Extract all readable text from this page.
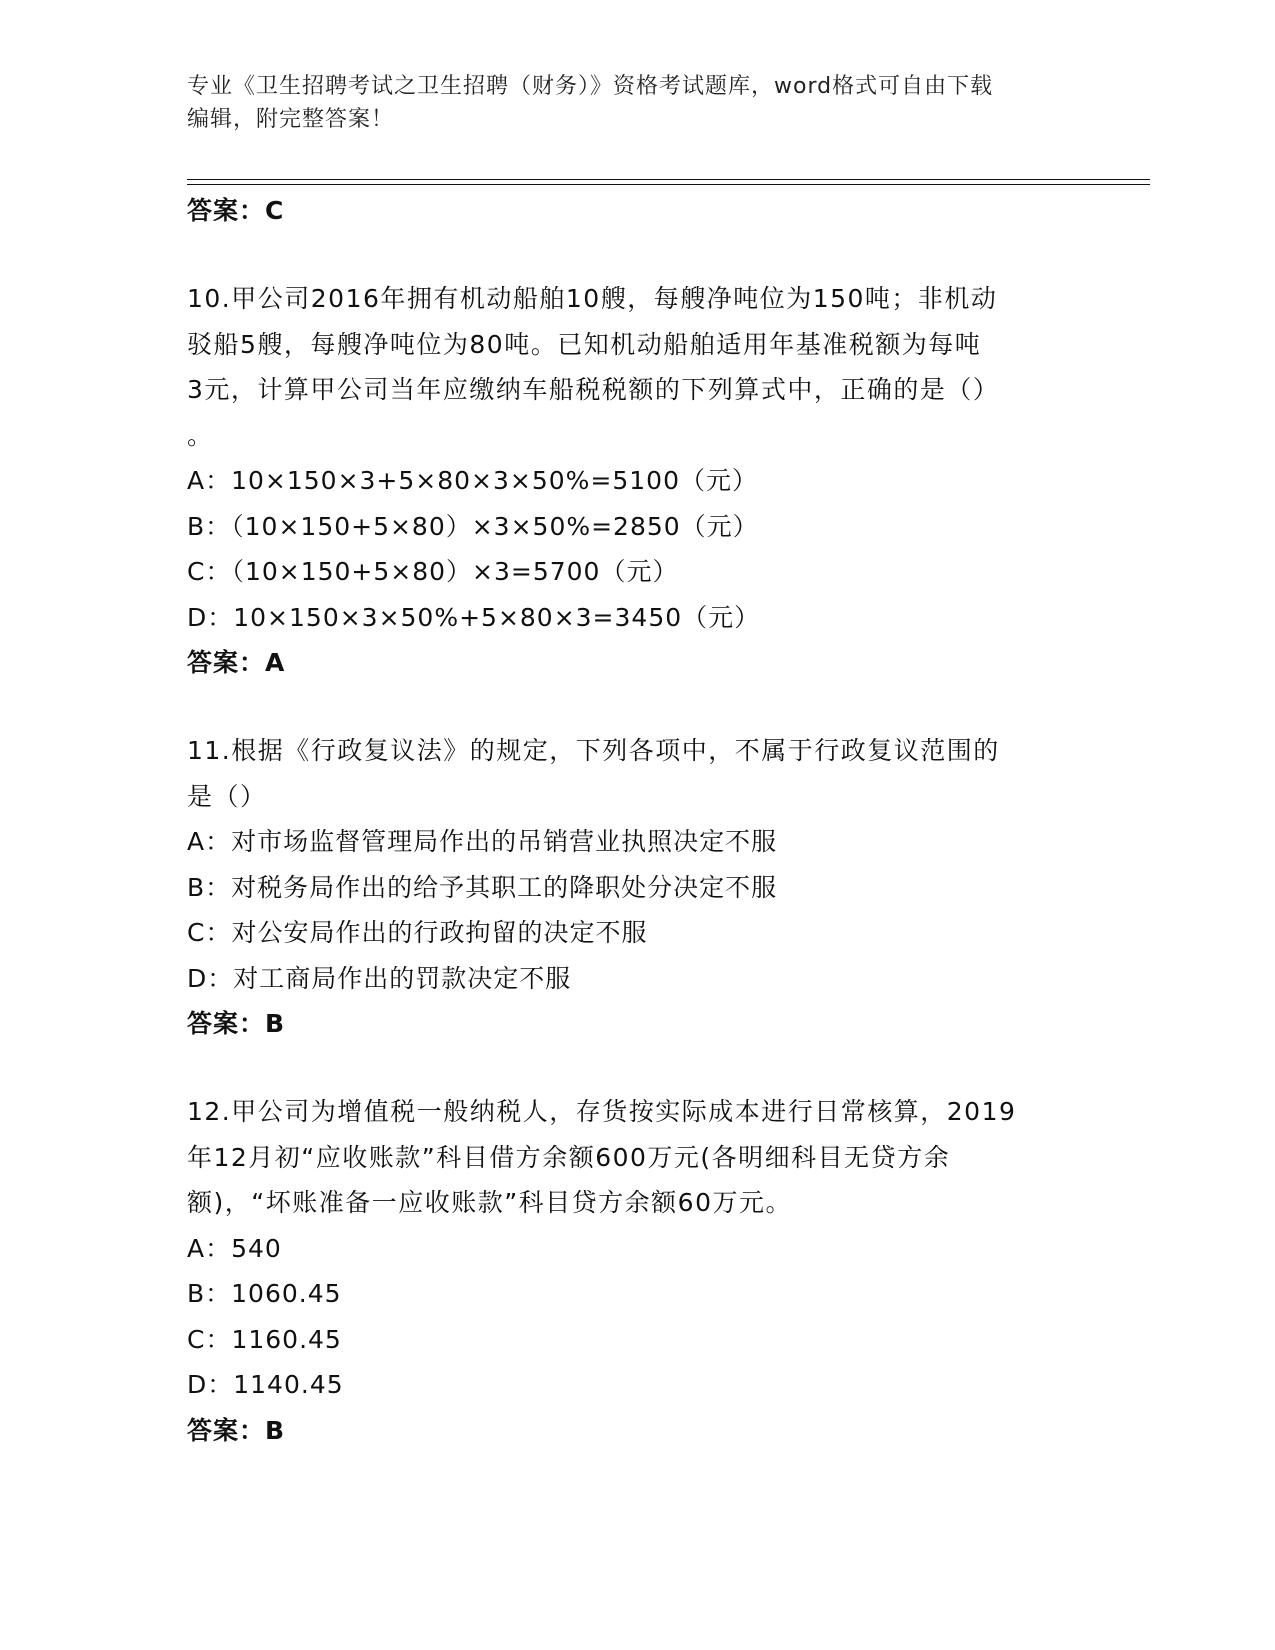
专业《卫生招聘考试之卫生招聘（财务）》资格考试题库，word格式可自由下载
编辑，附完整答案！
答案：C
10.甲公司2016年拥有机动船舶10艘，每艘净吨位为150吨；非机动
驳船5艘，每艘净吨位为80吨。已知机动船舶适用年基准税额为每吨
3元，计算甲公司当年应缴纳车船税税额的下列算式中，正确的是（）
。
A：10×150×3+5×80×3×50%=5100（元）
B：（10×150+5×80）×3×50%=2850（元）
C：（10×150+5×80）×3=5700（元）
D：10×150×3×50%+5×80×3=3450（元）
答案：A
11.根据《行政复议法》的规定，下列各项中，不属于行政复议范围的
是（）
A：对市场监督管理局作出的吊销营业执照决定不服
B：对税务局作出的给予其职工的降职处分决定不服
C：对公安局作出的行政拘留的决定不服
D：对工商局作出的罚款决定不服
答案：B
12.甲公司为增值税一般纳税人，存货按实际成本进行日常核算，2019
年12月初“应收账款”科目借方余额600万元(各明细科目无贷方余
额)，“坏账准备一应收账款”科目贷方余额60万元。
A：540
B：1060.45
C：1160.45
D：1140.45
答案：B
